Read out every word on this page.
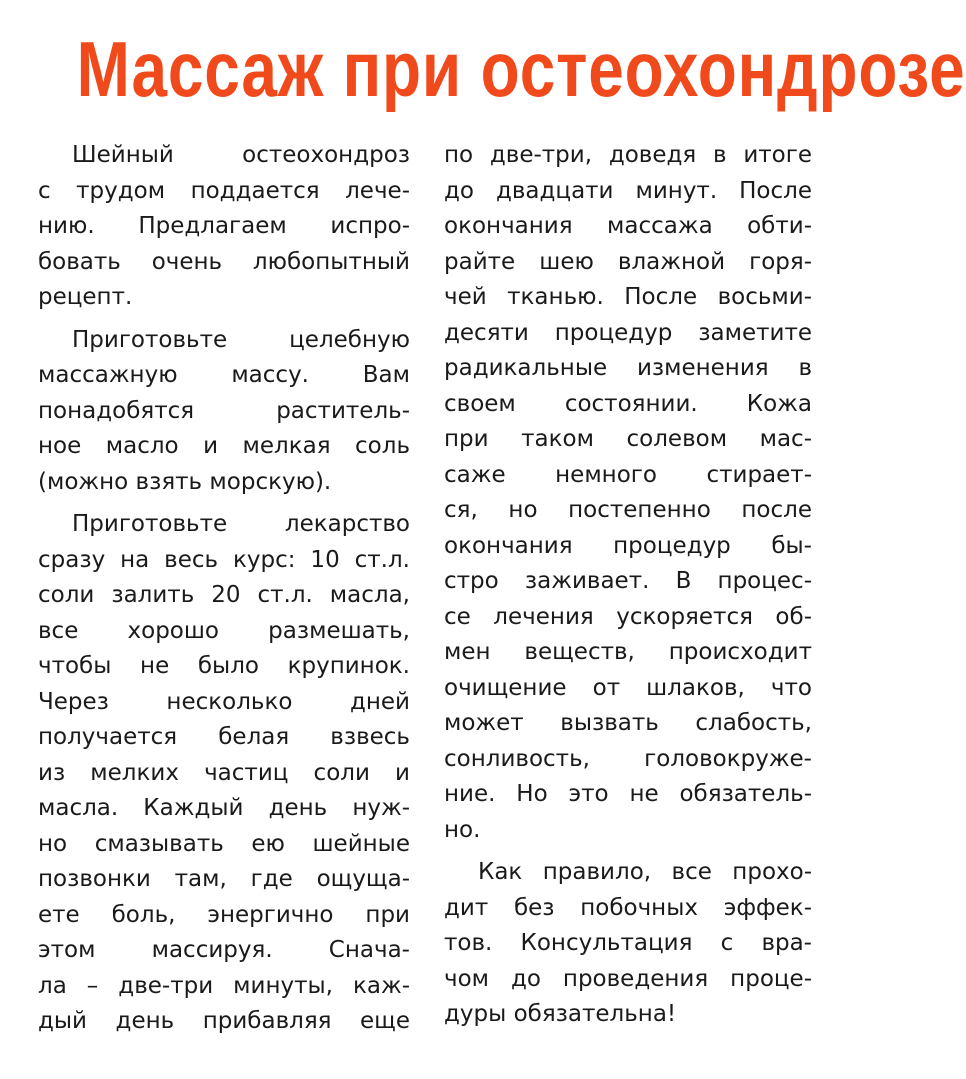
Массаж при остеохондрозе
Шейный остеохондроз
с трудом поддается лече-
нию. Предлагаем испро-
бовать очень любопытный
рецепт.
Приготовьте целебную
массажную массу. Вам
понадобятся раститель-
ное масло и мелкая соль
(можно взять морскую).
Приготовьте лекарство
сразу на весь курс: 10 ст.л.
соли залить 20 ст.л. масла,
все хорошо размешать,
чтобы не было крупинок.
Через несколько дней
получается белая взвесь
из мелких частиц соли и
масла. Каждый день нуж-
но смазывать ею шейные
позвонки там, где ощуща-
ете боль, энергично при
этом массируя. Снача-
ла – две-три минуты, каж-
дый день прибавляя еще
по две-три, доведя в итоге
до двадцати минут. После
окончания массажа обти-
райте шею влажной горя-
чей тканью. После восьми-
десяти процедур заметите
радикальные изменения в
своем состоянии. Кожа
при таком солевом мас-
саже немного стирает-
ся, но постепенно после
окончания процедур бы-
стро заживает. В процес-
се лечения ускоряется об-
мен веществ, происходит
очищение от шлаков, что
может вызвать слабость,
сонливость, головокруже-
ние. Но это не обязатель-
но.
Как правило, все прохо-
дит без побочных эффек-
тов. Консультация с вра-
чом до проведения проце-
дуры обязательна!
